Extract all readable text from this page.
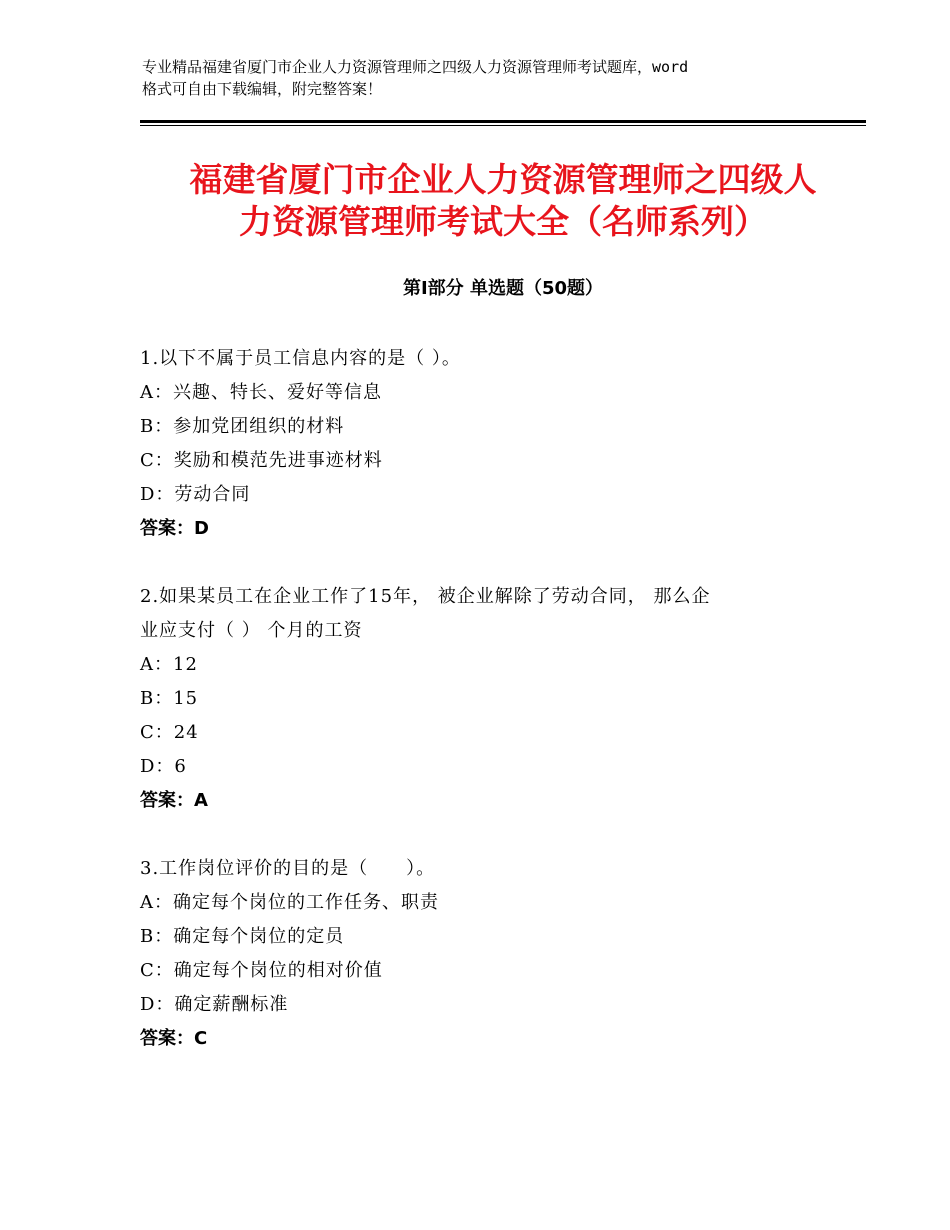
专业精品福建省厦门市企业人力资源管理师之四级人力资源管理师考试题库，word
格式可自由下载编辑，附完整答案！
福建省厦门市企业人力资源管理师之四级人
力资源管理师考试大全（名师系列）
第Ⅰ部分 单选题（50题）
1.以下不属于员工信息内容的是（ ）。
A：兴趣、特长、爱好等信息
B：参加党团组织的材料
C：奖励和模范先进事迹材料
D：劳动合同
答案：D
2.如果某员工在企业工作了15年， 被企业解除了劳动合同， 那么企
业应支付（ ） 个月的工资
A：12
B：15
C：24
D：6
答案：A
3.工作岗位评价的目的是（　　）。
A：确定每个岗位的工作任务、职责
B：确定每个岗位的定员
C：确定每个岗位的相对价值
D：确定薪酬标准
答案：C
